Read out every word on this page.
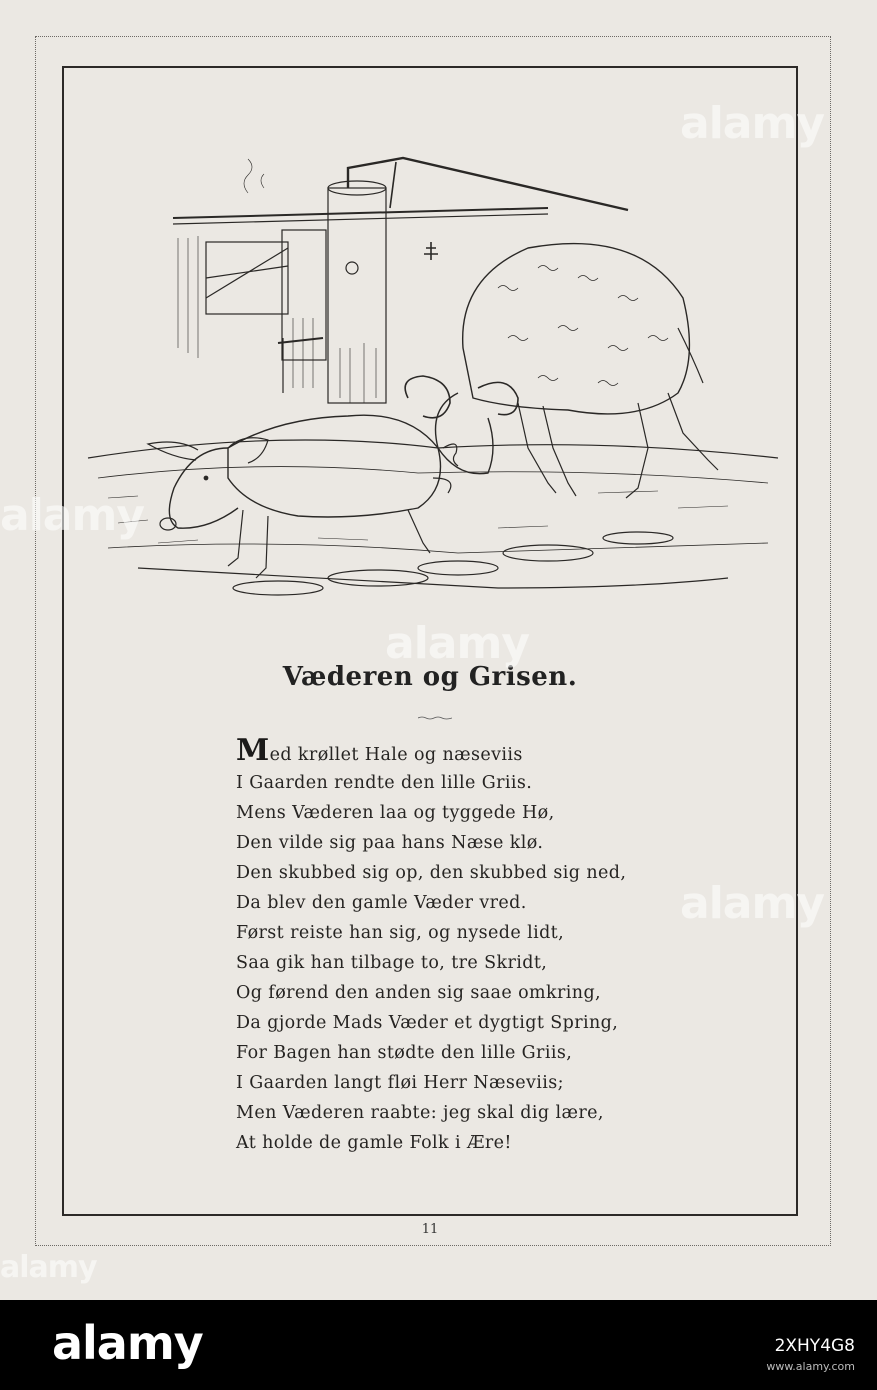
Væderen og Grisen.
Med krøllet Hale og næseviis
I Gaarden rendte den lille Griis.
Mens Væderen laa og tyggede Hø,
Den vilde sig paa hans Næse klø.
Den skubbed sig op, den skubbed sig ned,
Da blev den gamle Væder vred.
Først reiste han sig, og nysede lidt,
Saa gik han tilbage to, tre Skridt,
Og førend den anden sig saae omkring,
Da gjorde Mads Væder et dygtigt Spring,
For Bagen han stødte den lille Griis,
I Gaarden langt fløi Herr Næseviis;
Men Væderen raabte: jeg skal dig lære,
At holde de gamle Folk i Ære!
11
alamy
alamy
alamy
alamy
alamy
alamy	2XHY4G8
www.alamy.com
